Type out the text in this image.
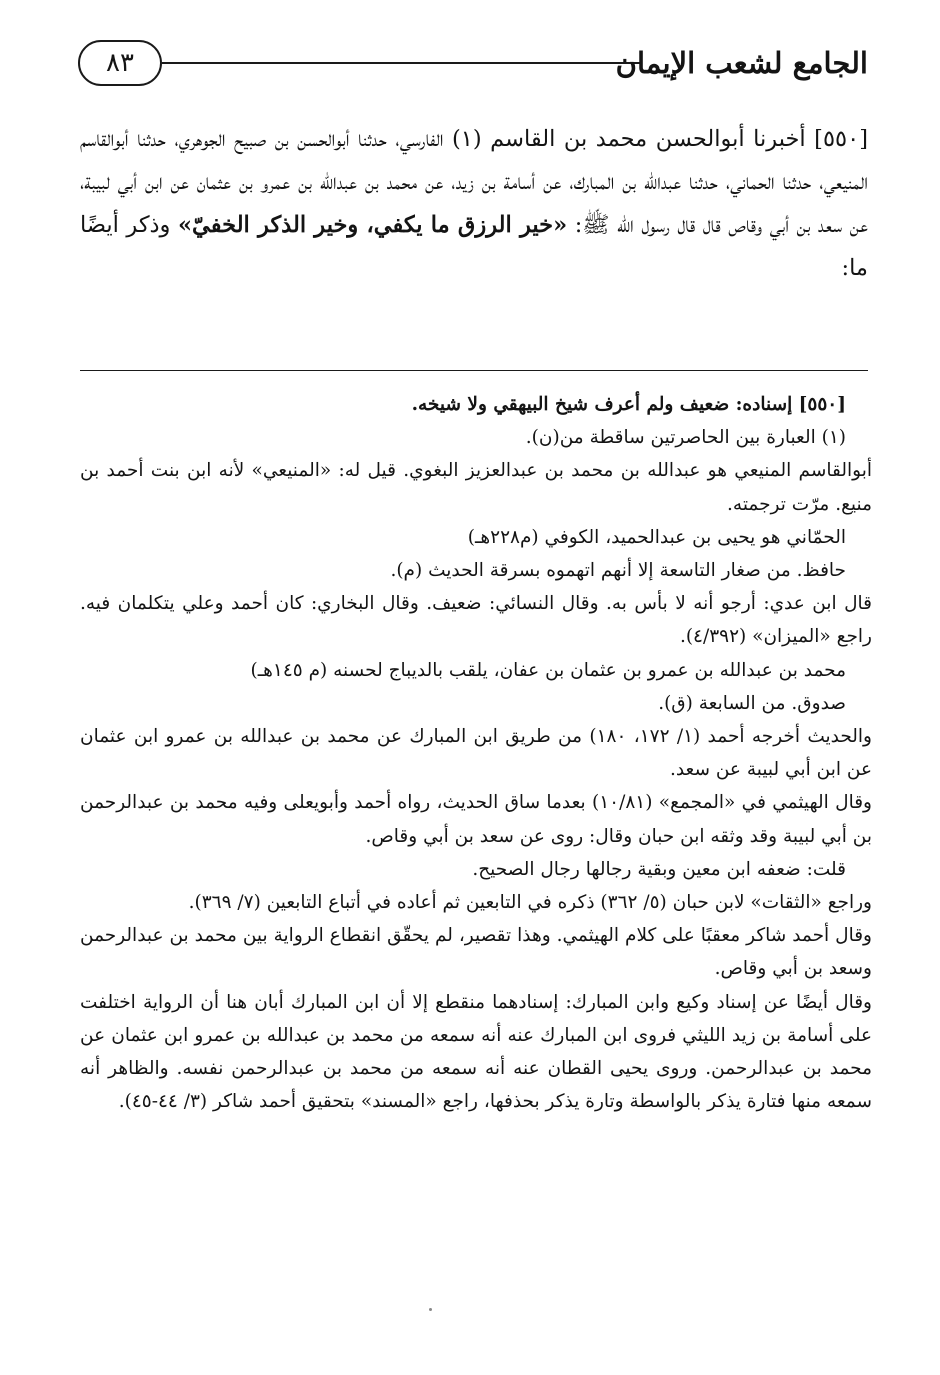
٨٣	الجامع لشعب الإيمان

[٥٥٠] أخبرنا أبوالحسن محمد بن القاسم (١) الفارسي، حدثنا أبوالحسن بن صبيح الجوهري، حدثنا أبوالقاسم المنيعي، حدثنا الحماني، حدثنا عبدالله بن المبارك، عن أسامة بن زيد، عن محمد بن عبدالله بن عمرو بن عثمان عن ابن أبي لبيبة، عن سعد بن أبي وقاص قال قال رسول الله ﷺ: «خير الرزق ما يكفي، وخير الذكر الخفيّ» وذكر أيضًا ما:

[٥٥٠] إسناده: ضعيف ولم أعرف شيخ البيهقي ولا شيخه.

(١) العبارة بين الحاصرتين ساقطة من(ن).

أبوالقاسم المنيعي هو عبدالله بن محمد بن عبدالعزيز البغوي. قيل له: «المنيعي» لأنه ابن بنت أحمد بن منيع. مرّت ترجمته.

الحمّاني هو يحيى بن عبدالحميد، الكوفي (م٢٢٨هـ)

حافظ. من صغار التاسعة إلا أنهم اتهموه بسرقة الحديث (م).

قال ابن عدي: أرجو أنه لا بأس به. وقال النسائي: ضعيف. وقال البخاري: كان أحمد وعلي يتكلمان فيه. راجع «الميزان» (٤/٣٩٢).

محمد بن عبدالله بن عمرو بن عثمان بن عفان، يلقب بالديباج لحسنه (م ١٤٥هـ)

صدوق. من السابعة (ق).

والحديث أخرجه أحمد (١/ ١٧٢، ١٨٠) من طريق ابن المبارك عن محمد بن عبدالله بن عمرو ابن عثمان عن ابن أبي لبيبة عن سعد.

وقال الهيثمي في «المجمع» (١٠/٨١) بعدما ساق الحديث، رواه أحمد وأبويعلى وفيه محمد بن عبدالرحمن بن أبي لبيبة وقد وثقه ابن حبان وقال: روى عن سعد بن أبي وقاص.

قلت: ضعفه ابن معين وبقية رجالها رجال الصحيح.

وراجع «الثقات» لابن حبان (٥/ ٣٦٢) ذكره في التابعين ثم أعاده في أتباع التابعين (٧/ ٣٦٩).

وقال أحمد شاكر معقبًا على كلام الهيثمي. وهذا تقصير، لم يحقّق انقطاع الرواية بين محمد بن عبدالرحمن وسعد بن أبي وقاص.

وقال أيضًا عن إسناد وكيع وابن المبارك: إسنادهما منقطع إلا أن ابن المبارك أبان هنا أن الرواية اختلفت على أسامة بن زيد الليثي فروى ابن المبارك عنه أنه سمعه من محمد بن عبدالله بن عمرو ابن عثمان عن محمد بن عبدالرحمن. وروى يحيى القطان عنه أنه سمعه من محمد بن عبدالرحمن نفسه. والظاهر أنه سمعه منها فتارة يذكر بالواسطة وتارة يذكر بحذفها، راجع «المسند» بتحقيق أحمد شاكر (٣/ ٤٤-٤٥).
